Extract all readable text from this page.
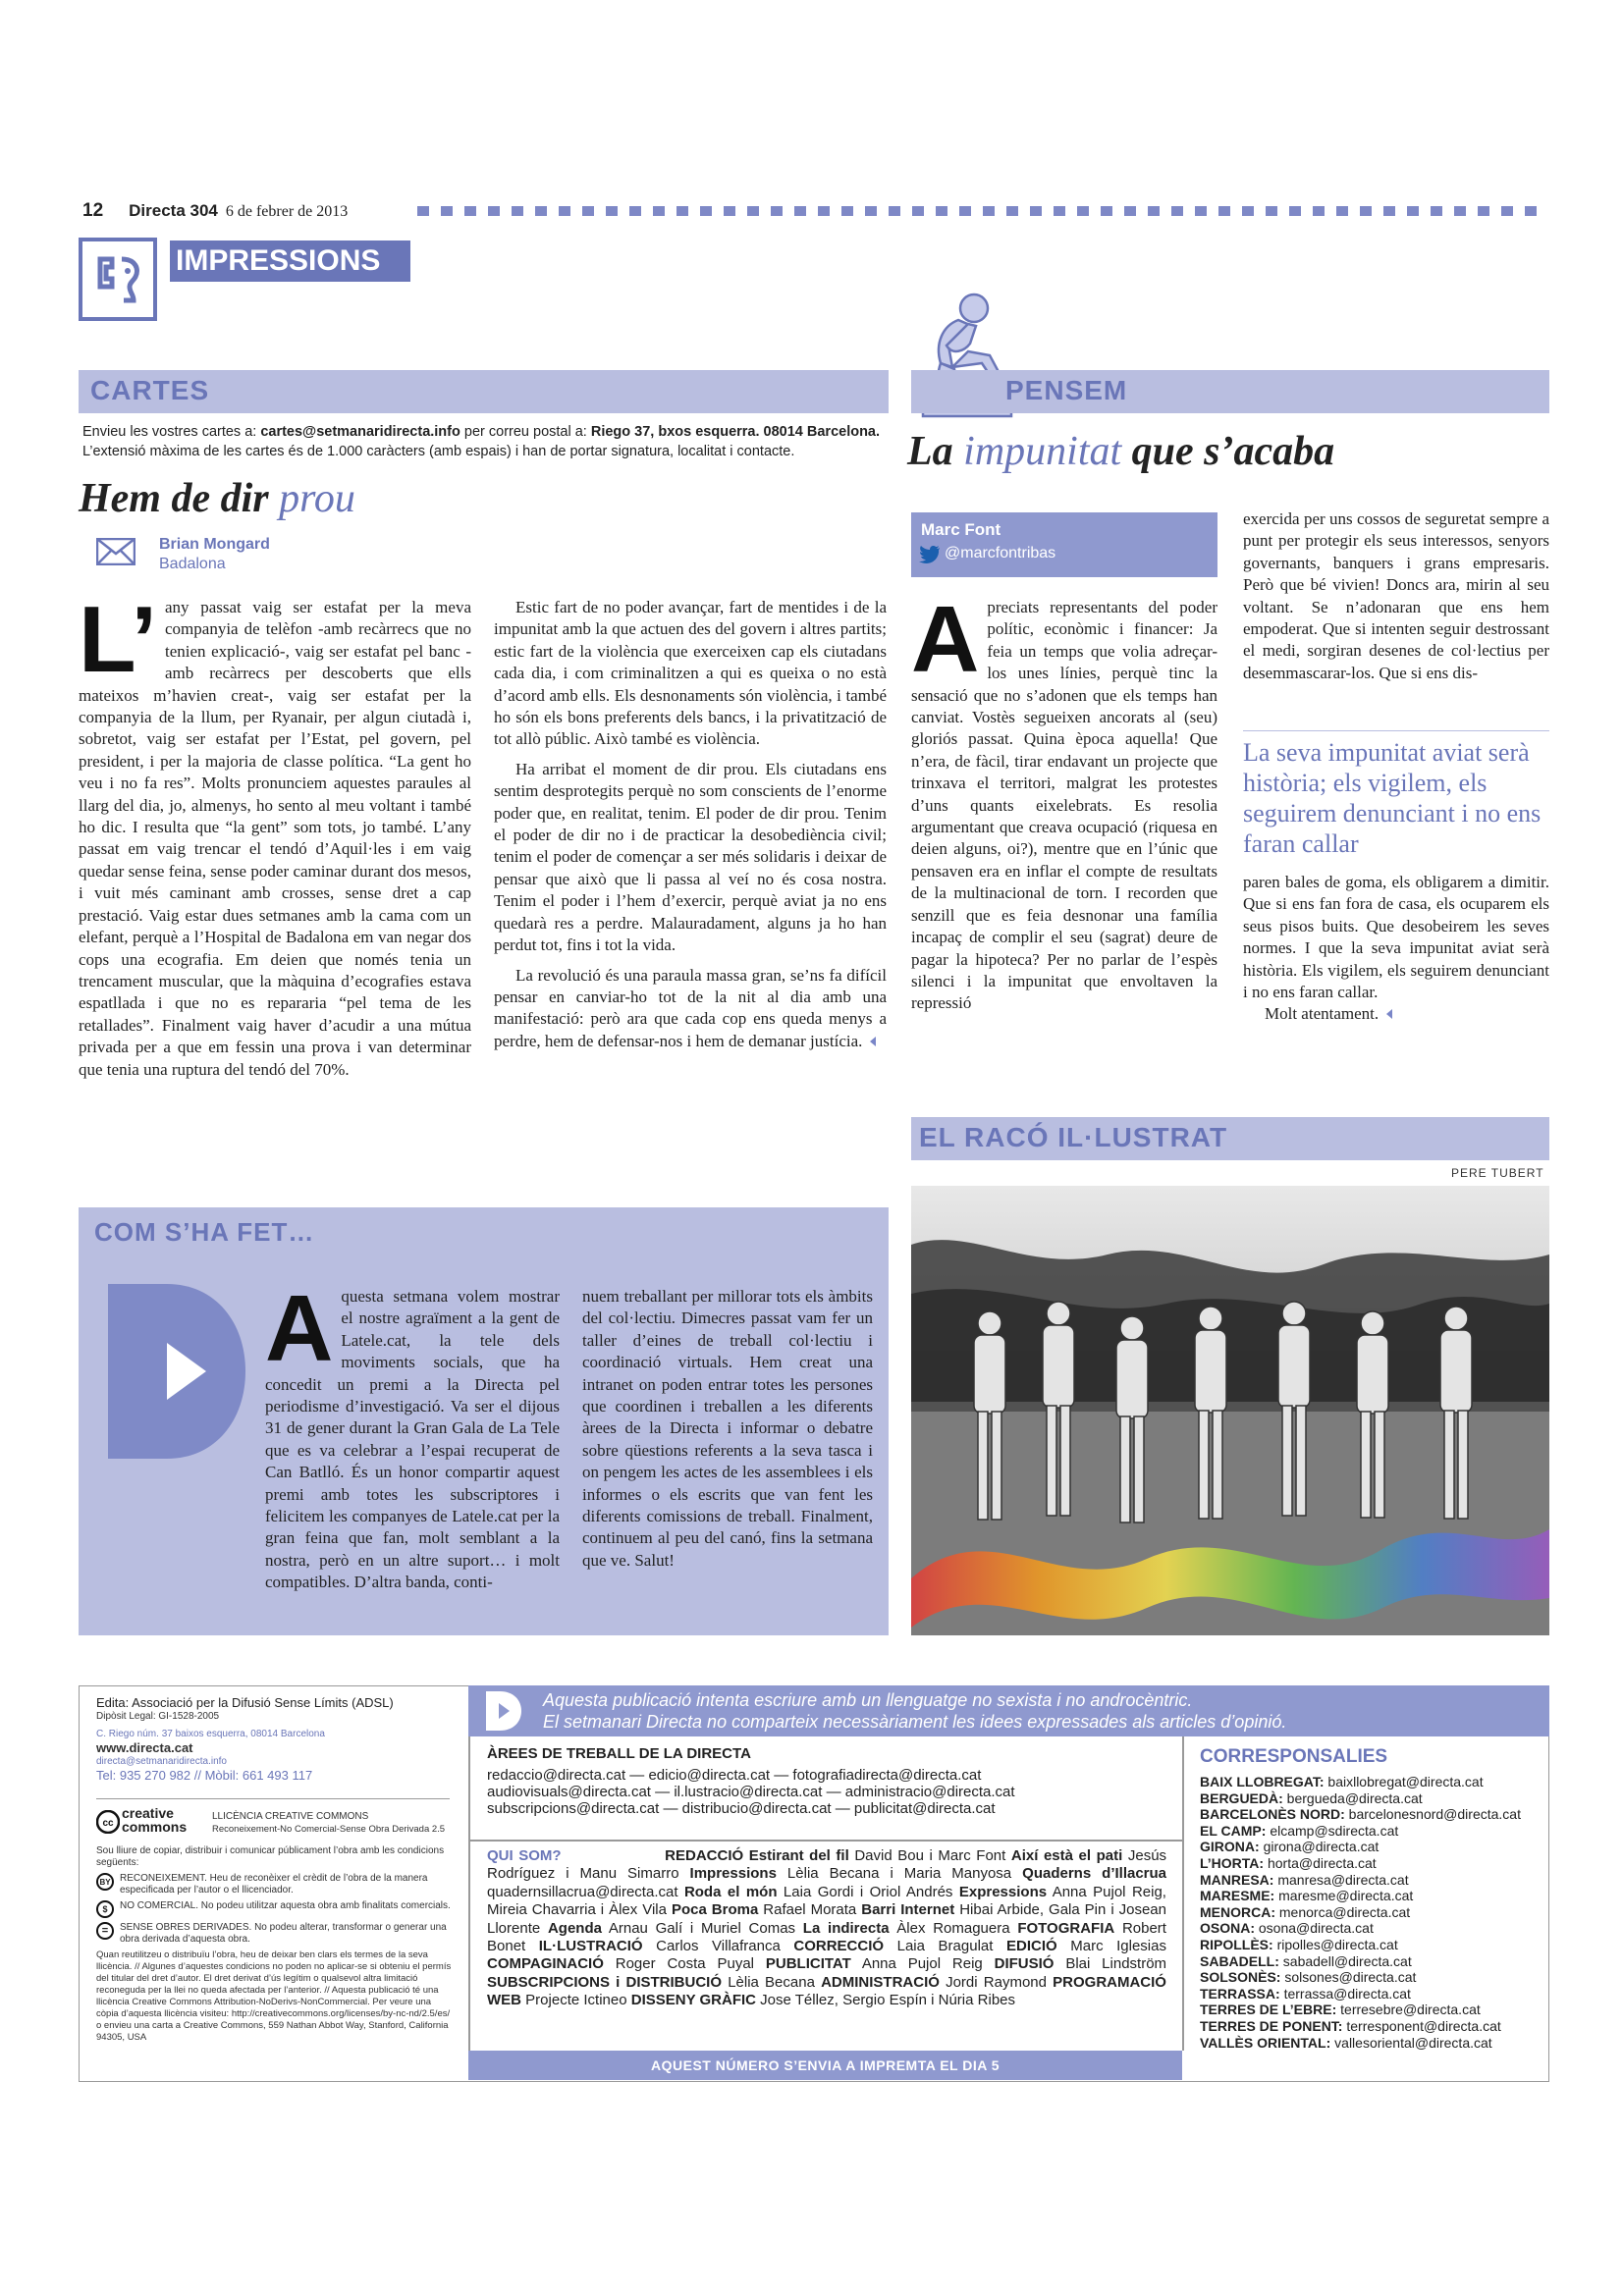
12 Directa 304 6 de febrer de 2013
IMPRESSIONS
CARTES
Envieu les vostres cartes a: cartes@setmanaridirecta.info per correu postal a: Riego 37, bxos esquerra. 08014 Barcelona. L’extensió màxima de les cartes és de 1.000 caràcters (amb espais) i han de portar signatura, localitat i contacte.
Hem de dir prou
Brian Mongard
Badalona
L’ any passat vaig ser estafat per la meva companyia de telèfon -amb recàrrecs que no tenien explicació-, vaig ser estafat pel banc -amb recàrrecs per descoberts que ells mateixos m’havien creat-, vaig ser estafat per la companyia de la llum, per Ryanair, per algun ciutadà i, sobretot, vaig ser estafat per l’Estat, pel govern, pel president, i per la majoria de classe política. “La gent ho veu i no fa res”. Molts pronunciem aquestes paraules al llarg del dia, jo, almenys, ho sento al meu voltant i també ho dic. I resulta que “la gent” som tots, jo també. L’any passat em vaig trencar el tendó d’Aquil·les i em vaig quedar sense feina, sense poder caminar durant dos mesos, i vuit més caminant amb crosses, sense dret a cap prestació. Vaig estar dues setmanes amb la cama com un elefant, perquè a l’Hospital de Badalona em van negar dos cops una ecografia. Em deien que només tenia un trencament muscular, que la màquina d’ecografies estava espatllada i que no es repararia “pel tema de les retallades”. Finalment vaig haver d’acudir a una mútua privada per a que em fessin una prova i van determinar que tenia una ruptura del tendó del 70%.

Estic fart de no poder avançar, fart de mentides i de la impunitat amb la que actuen des del govern i altres partits; estic fart de la violència que exerceixen cap els ciutadans cada dia, i com criminalitzen a qui es queixa o no està d’acord amb ells. Els desnonaments són violència, i també ho són els bons preferents dels bancs, i la privatització de tot allò públic. Això també es violència.

Ha arribat el moment de dir prou. Els ciutadans ens sentim desprotegits perquè no som conscients de l’enorme poder que, en realitat, tenim. El poder de dir prou. Tenim el poder de dir no i de practicar la desobediència civil; tenim el poder de començar a ser més solidaris i deixar de pensar que això que li passa al veí no és cosa nostra. Tenim el poder i l’hem d’exercir, perquè aviat ja no ens quedarà res a perdre. Malauradament, alguns ja ho han perdut tot, fins i tot la vida.

La revolució és una paraula massa gran, se’ns fa difícil pensar en canviar-ho tot de la nit al dia amb una manifestació: però ara que cada cop ens queda menys a perdre, hem de defensar-nos i hem de demanar justícia.

PENSEM
La impunitat que s’acaba
Marc Font
@marcfontribas
Apreciats representants del poder polític, econòmic i financer: Ja feia un temps que volia adreçar-los unes línies, perquè tinc la sensació que no s’adonen que els temps han canviat. Vostès segueixen ancorats al (seu) gloriós passat. Quina època aquella! Que n’era, de fàcil, tirar endavant un projecte que trinxava el territori, malgrat les protestes d’uns quants eixelebrats. Es resolia argumentant que creava ocupació (riquesa en deien alguns, oi?), mentre que en l’únic que pensaven era en inflar el compte de resultats de la multinacional de torn. I recorden que senzill que es feia desnonar una família incapaç de complir el seu (sagrat) deure de pagar la hipoteca? Per no parlar de l’espès silenci i la impunitat que envoltaven la repressió
exercida per uns cossos de seguretat sempre a punt per protegir els seus interessos, senyors governants, banquers i grans empresaris. Però que bé vivien! Doncs ara, mirin al seu voltant. Se n’adonaran que ens hem empoderat. Que si intenten seguir destrossant el medi, sorgiran desenes de col·lectius per desemmascarar-los. Que si ens dis-
La seva impunitat aviat serà història; els vigilem, els seguirem denunciant i no ens faran callar

paren bales de goma, els obligarem a dimitir. Que si ens fan fora de casa, els ocuparem els seus pisos buits. Que desobeirem les seves normes. I que la seva impunitat aviat serà història. Els vigilem, els seguirem denunciant i no ens faran callar.

Molt atentament.

EL RACÓ IL·LUSTRAT
PERE TUBERT
COM S’HA FET…
Aquesta setmana volem mostrar el nostre agraïment a la gent de Latele.cat, la tele dels moviments socials, que ha concedit un premi a la Directa pel periodisme d’investigació. Va ser el dijous 31 de gener durant la Gran Gala de La Tele que es va celebrar a l’espai recuperat de Can Batlló. És un honor compartir aquest premi amb totes les subscriptores i felicitem les companyes de Latele.cat per la gran feina que fan, molt semblant a la nostra, però en un altre suport… i molt compatibles. D’altra banda, conti-
nuem treballant per millorar tots els àmbits del col·lectiu. Dimecres passat vam fer un taller d’eines de treball col·lectiu i coordinació virtuals. Hem creat una intranet on poden entrar totes les persones que coordinen i treballen a les diferents àrees de la Directa i informar o debatre sobre qüestions referents a la seva tasca i on pengem les actes de les assemblees i els informes o els escrits que van fent les diferents comissions de treball. Finalment, continuem al peu del canó, fins la setmana que ve. Salut!
Edita: Associació per la Difusió Sense Límits (ADSL)
Dipòsit Legal: GI-1528-2005
C. Riego núm. 37 baixos esquerra, 08014 Barcelona
www.directa.cat
directa@setmanaridirecta.info
Tel: 935 270 982 // Mòbil: 661 493 117
cc
creative commons
LLICÈNCIA CREATIVE COMMONS
Reconeixement-No Comercial-Sense Obra Derivada 2.5
Sou lliure de copiar, distribuir i comunicar públicament l’obra amb les condicions següents:
BY RECONEIXEMENT. Heu de reconèixer el crèdit de l’obra de la manera especificada per l’autor o el llicenciador.
$	NO COMERCIAL. No podeu utilitzar aquesta obra amb finalitats comercials.
=	SENSE OBRES DERIVADES. No podeu alterar, transformar o generar una obra derivada d’aquesta obra.
Quan reutilitzeu o distribuïu l’obra, heu de deixar ben clars els termes de la seva llicència. // Algunes d’aquestes condicions no poden no aplicar-se si obteniu el permís del titular del dret d’autor. El dret derivat d’ús legítim o qualsevol altra limitació reconeguda per la llei no queda afectada per l’anterior. // Aquesta publicació té una llicència Creative Commons Attribution-NoDerivs-NonCommercial. Per veure una còpia d’aquesta llicència visiteu: http://creativecommons.org/licenses/by-nc-nd/2.5/es/ o envieu una carta a Creative Commons, 559 Nathan Abbot Way, Stanford, California 94305, USA
Aquesta publicació intenta escriure amb un llenguatge no sexista i no androcèntric.
El setmanari Directa no comparteix necessàriament les idees expressades als articles d’opinió.
ÀREES DE TREBALL DE LA DIRECTA
redaccio@directa.cat — edicio@directa.cat — fotografiadirecta@directa.cat
audiovisuals@directa.cat — il.lustracio@directa.cat — administracio@directa.cat
subscripcions@directa.cat — distribucio@directa.cat — publicitat@directa.cat
QUI SOM?	REDACCIÓ Estirant del fil David Bou i Marc Font Així està el pati Jesús Rodríguez i Manu Simarro Impressions Lèlia Becana i Maria Manyosa Quaderns d’Illacrua quadernsillacrua@directa.cat Roda el món Laia Gordi i Oriol Andrés Expressions Anna Pujol Reig, Mireia Chavarria i Àlex Vila Poca Broma Rafael Morata Barri Internet Hibai Arbide, Gala Pin i Josean Llorente Agenda Arnau Galí i Muriel Comas La indirecta Àlex Romaguera FOTOGRAFIA Robert Bonet IL·LUSTRACIÓ Carlos Villafranca CORRECCIÓ Laia Bragulat EDICIÓ Marc Iglesias COMPAGINACIÓ Roger Costa Puyal PUBLICITAT Anna Pujol Reig DIFUSIÓ Blai Lindström SUBSCRIPCIONS i DISTRIBUCIÓ Lèlia Becana ADMINISTRACIÓ Jordi Raymond PROGRAMACIÓ WEB Projecte Ictineo DISSENY GRÀFIC Jose Téllez, Sergio Espín i Núria Ribes
CORRESPONSALIES
BAIX LLOBREGAT: baixllobregat@directa.cat
BERGUEDÀ: bergueda@directa.cat
BARCELONÈS NORD: barcelonesnord@directa.cat
EL CAMP: elcamp@sdirecta.cat
GIRONA: girona@directa.cat
L’HORTA: horta@directa.cat
MANRESA: manresa@directa.cat
MARESME: maresme@directa.cat
MENORCA: menorca@directa.cat
OSONA: osona@directa.cat
RIPOLLÈS: ripolles@directa.cat
SABADELL: sabadell@directa.cat
SOLSONÈS: solsones@directa.cat
TERRASSA: terrassa@directa.cat
TERRES DE L’EBRE: terresebre@directa.cat
TERRES DE PONENT: terresponent@directa.cat
VALLÈS ORIENTAL: vallesoriental@directa.cat
AQUEST NÚMERO S’ENVIA A IMPREMTA EL DIA 5
